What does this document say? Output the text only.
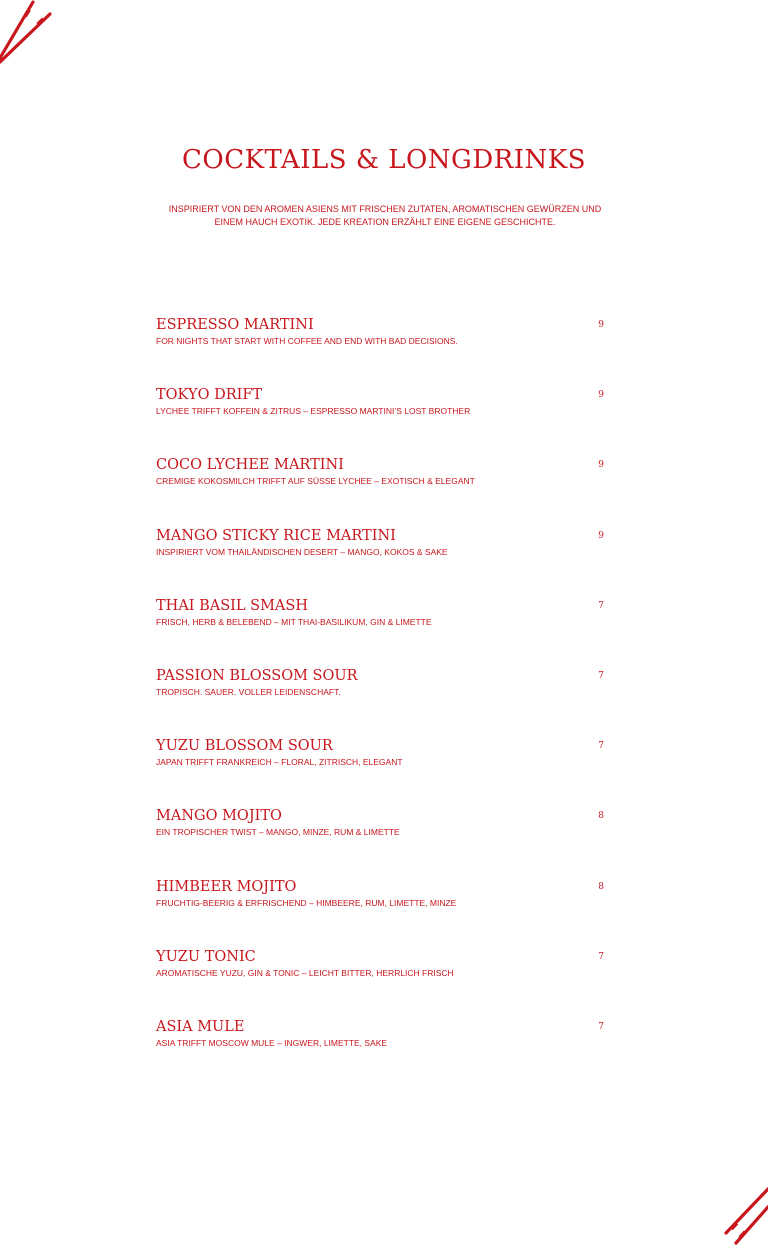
COCKTAILS & LONGDRINKS

INSPIRIERT VON DEN AROMEN ASIENS MIT FRISCHEN ZUTATEN, AROMATISCHEN GEWÜRZEN UND EINEM HAUCH EXOTIK. JEDE KREATION ERZÄHLT EINE EIGENE GESCHICHTE.

ESPRESSO MARTINI
FOR NIGHTS THAT START WITH COFFEE AND END WITH BAD DECISIONS.
9
TOKYO DRIFT
LYCHEE TRIFFT KOFFEIN & ZITRUS – ESPRESSO MARTINI’S LOST BROTHER
9
COCO LYCHEE MARTINI
CREMIGE KOKOSMILCH TRIFFT AUF SÜSSE LYCHEE – EXOTISCH & ELEGANT
9
MANGO STICKY RICE MARTINI
INSPIRIERT VOM THAILÄNDISCHEN DESERT – MANGO, KOKOS & SAKE
9
THAI BASIL SMASH
FRISCH, HERB & BELEBEND – MIT THAI-BASILIKUM, GIN & LIMETTE
7
PASSION BLOSSOM SOUR
TROPISCH. SAUER. VOLLER LEIDENSCHAFT.
7
YUZU BLOSSOM SOUR
JAPAN TRIFFT FRANKREICH – FLORAL, ZITRISCH, ELEGANT
7
MANGO MOJITO
EIN TROPISCHER TWIST – MANGO, MINZE, RUM & LIMETTE
8
HIMBEER MOJITO
FRUCHTIG-BEERIG & ERFRISCHEND – HIMBEERE, RUM, LIMETTE, MINZE
8
YUZU TONIC
AROMATISCHE YUZU, GIN & TONIC – LEICHT BITTER, HERRLICH FRISCH
7
ASIA MULE
ASIA TRIFFT MOSCOW MULE – INGWER, LIMETTE, SAKE
7
